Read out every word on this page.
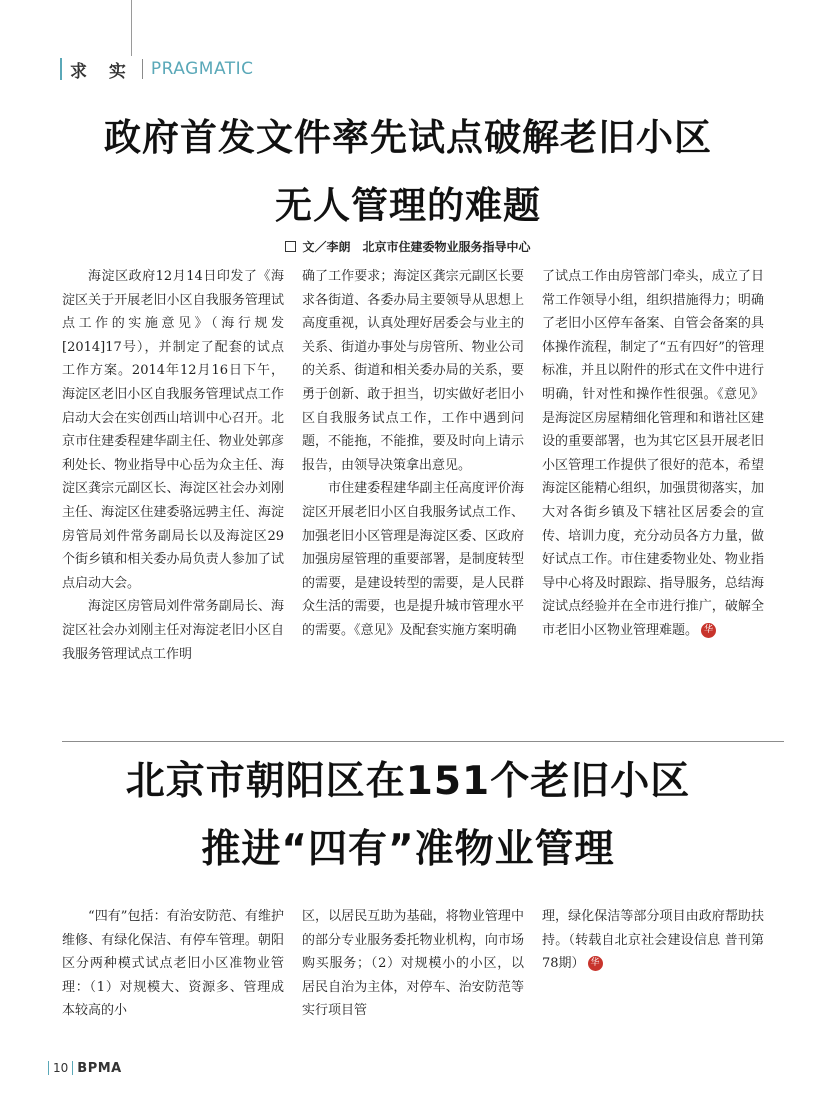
求 实 PRAGMATIC
政府首发文件率先试点破解老旧小区
无人管理的难题
文／李朗　北京市住建委物业服务指导中心

海淀区政府12月14日印发了《海淀区关于开展老旧小区自我服务管理试点工作的实施意见》（海行规发[2014]17号），并制定了配套的试点工作方案。2014年12月16日下午，海淀区老旧小区自我服务管理试点工作启动大会在实创西山培训中心召开。北京市住建委程建华副主任、物业处郭彦利处长、物业指导中心岳为众主任、海淀区龚宗元副区长、海淀区社会办刘刚主任、海淀区住建委骆远骋主任、海淀房管局刘件常务副局长以及海淀区29个街乡镇和相关委办局负责人参加了试点启动大会。

海淀区房管局刘件常务副局长、海淀区社会办刘刚主任对海淀老旧小区自我服务管理试点工作明

确了工作要求；海淀区龚宗元副区长要求各街道、各委办局主要领导从思想上高度重视，认真处理好居委会与业主的关系、街道办事处与房管所、物业公司的关系、街道和相关委办局的关系，要勇于创新、敢于担当，切实做好老旧小区自我服务试点工作，工作中遇到问题，不能拖，不能推，要及时向上请示报告，由领导决策拿出意见。

市住建委程建华副主任高度评价海淀区开展老旧小区自我服务试点工作、加强老旧小区管理是海淀区委、区政府加强房屋管理的重要部署，是制度转型的需要，是建设转型的需要，是人民群众生活的需要，也是提升城市管理水平的需要。《意见》及配套实施方案明确

了试点工作由房管部门牵头，成立了日常工作领导小组，组织措施得力；明确了老旧小区停车备案、自管会备案的具体操作流程，制定了“五有四好”的管理标准，并且以附件的形式在文件中进行明确，针对性和操作性很强。《意见》是海淀区房屋精细化管理和和谐社区建设的重要部署，也为其它区县开展老旧小区管理工作提供了很好的范本，希望海淀区能精心组织，加强贯彻落实，加大对各街乡镇及下辖社区居委会的宣传、培训力度，充分动员各方力量，做好试点工作。市住建委物业处、物业指导中心将及时跟踪、指导服务，总结海淀试点经验并在全市进行推广，破解全市老旧小区物业管理难题。 华

北京市朝阳区在151个老旧小区
推进“四有”准物业管理

“四有”包括：有治安防范、有维护维修、有绿化保洁、有停车管理。朝阳区分两种模式试点老旧小区准物业管理：（1）对规模大、资源多、管理成本较高的小

区，以居民互助为基础，将物业管理中的部分专业服务委托物业机构，向市场购买服务；（2）对规模小的小区，以居民自治为主体，对停车、治安防范等实行项目管

理，绿化保洁等部分项目由政府帮助扶持。（转载自北京社会建设信息 普刊第78期） 华

10 BPMA
